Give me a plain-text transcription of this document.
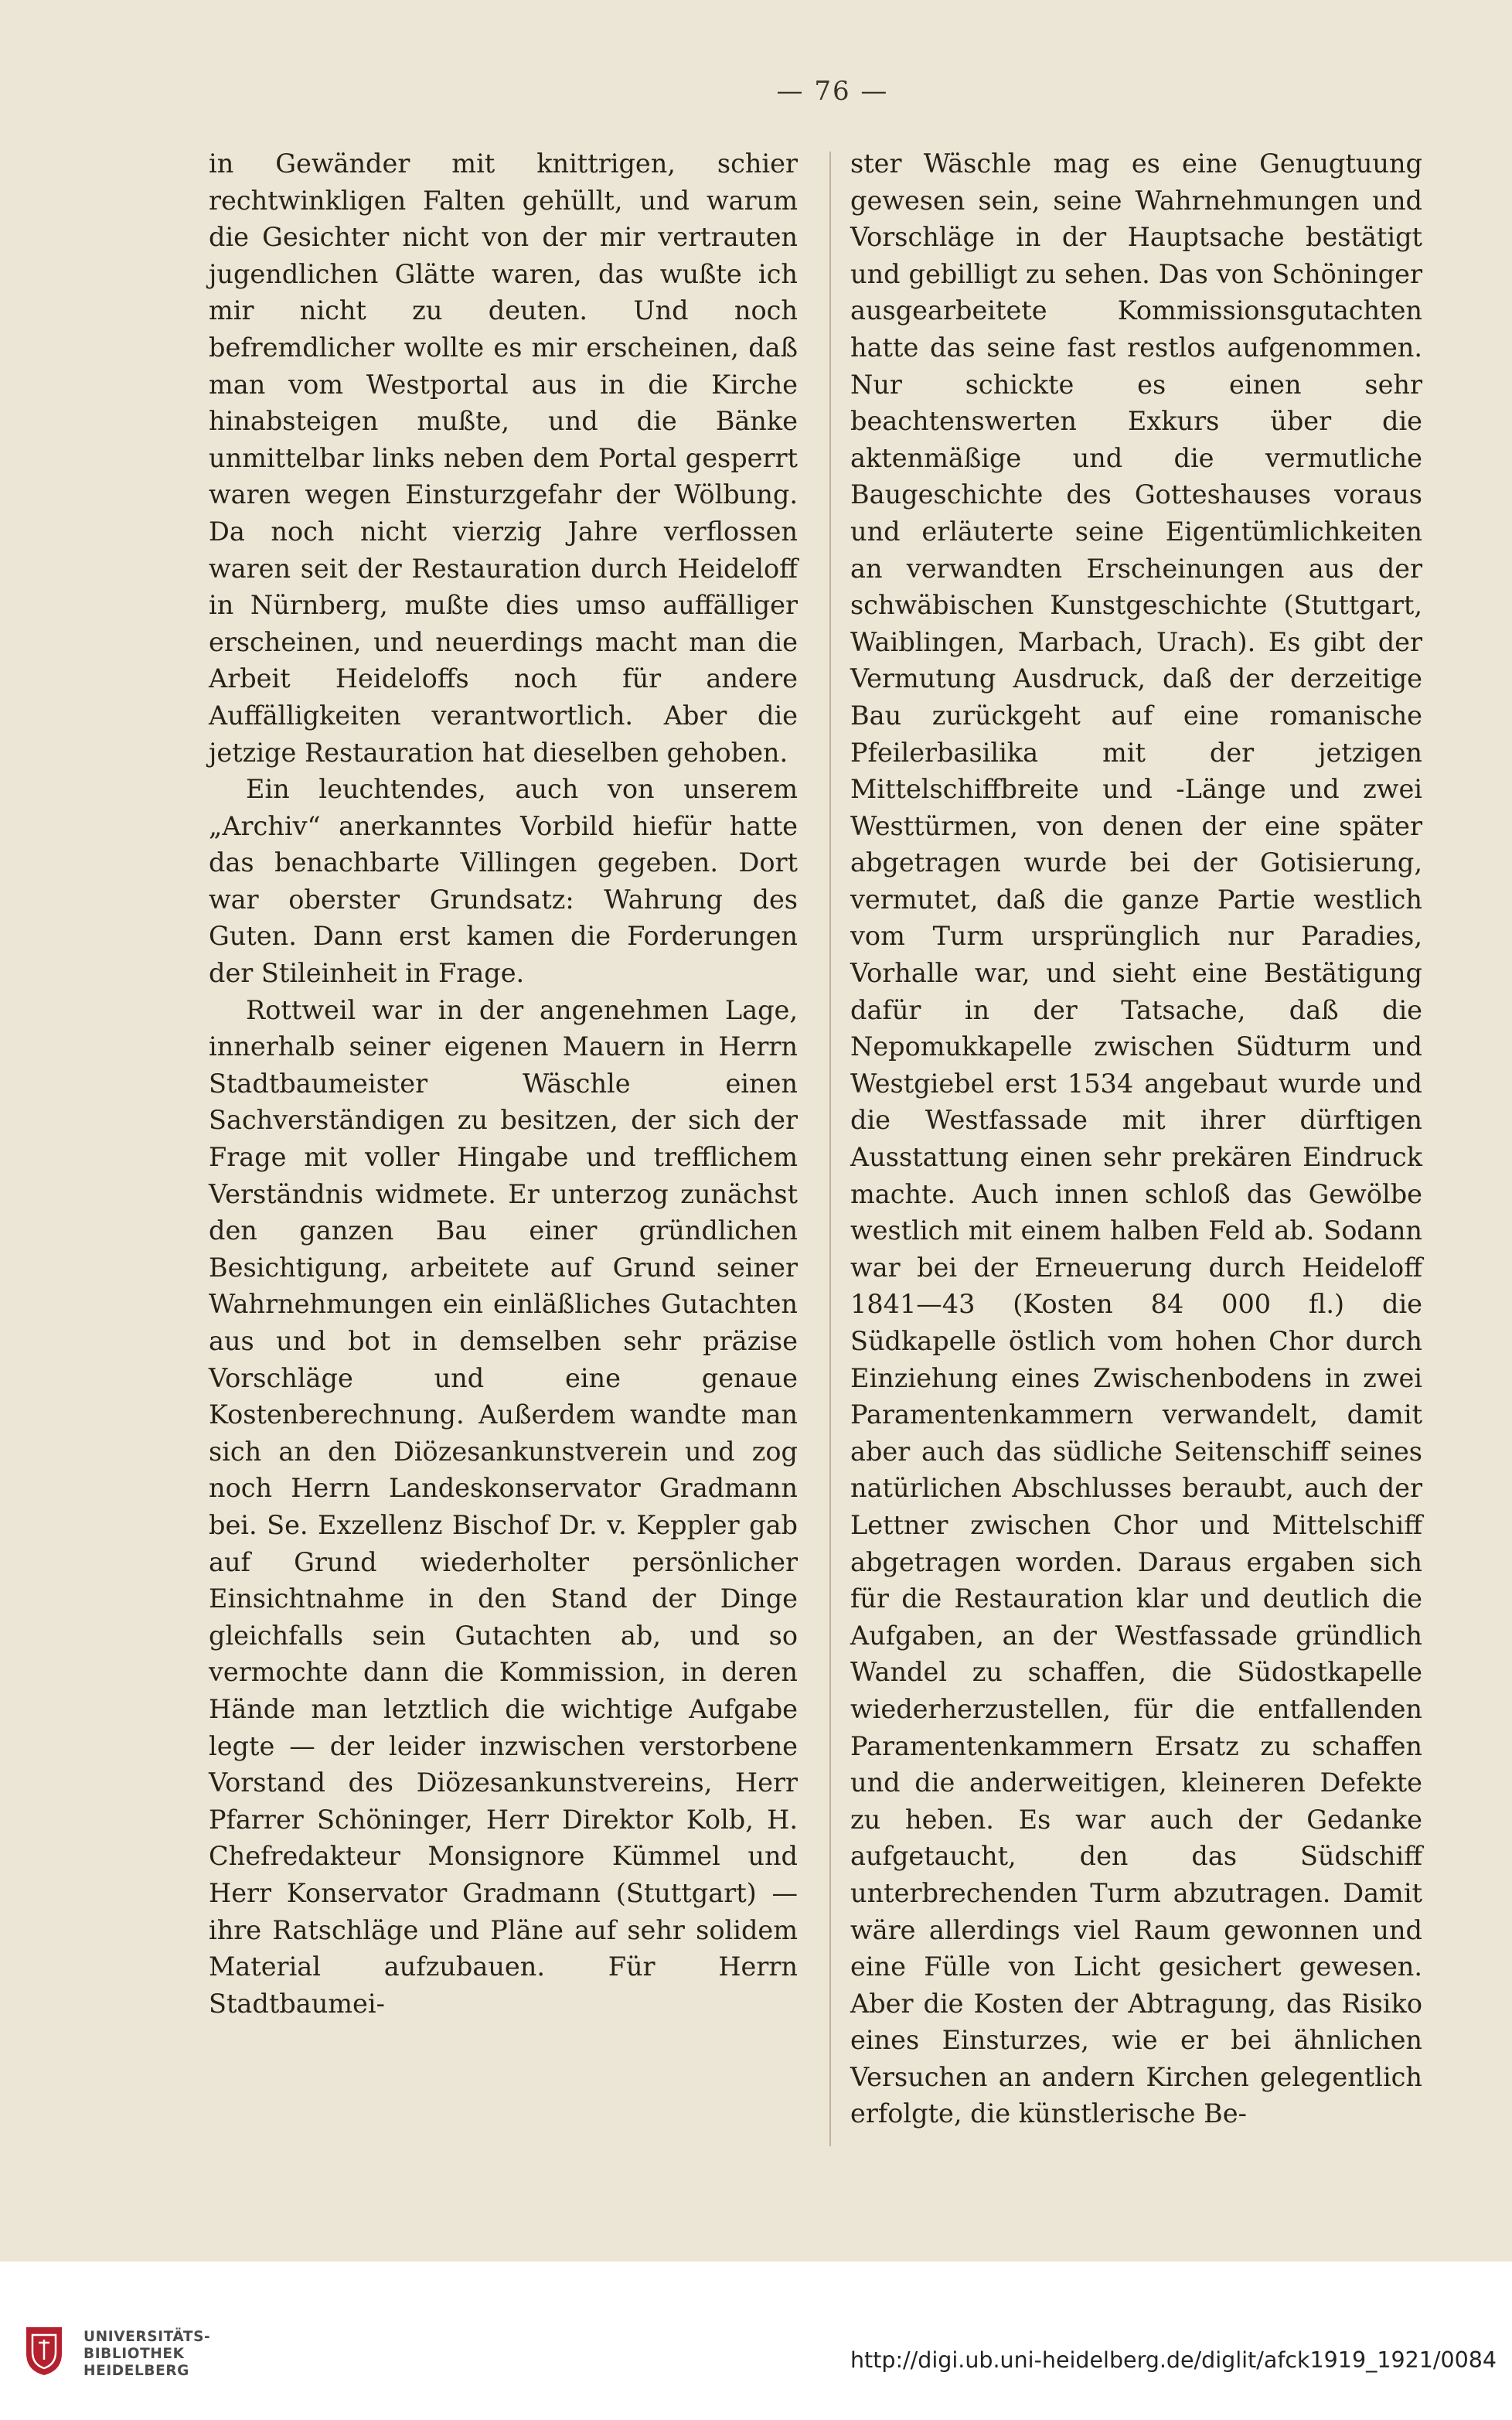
— 76 —

in Gewänder mit knittrigen, schier rechtwinkligen Falten gehüllt, und warum die Gesichter nicht von der mir vertrauten jugendlichen Glätte waren, das wußte ich mir nicht zu deuten. Und noch befremdlicher wollte es mir erscheinen, daß man vom Westportal aus in die Kirche hinabsteigen mußte, und die Bänke unmittelbar links neben dem Portal gesperrt waren wegen Einsturzgefahr der Wölbung. Da noch nicht vierzig Jahre verflossen waren seit der Restauration durch Heideloff in Nürnberg, mußte dies umso auffälliger erscheinen, und neuerdings macht man die Arbeit Heideloffs noch für andere Auffälligkeiten verantwortlich. Aber die jetzige Restauration hat dieselben gehoben.

Ein leuchtendes, auch von unserem „Archiv“ anerkanntes Vorbild hiefür hatte das benachbarte Villingen gegeben. Dort war oberster Grundsatz: Wahrung des Guten. Dann erst kamen die Forderungen der Stileinheit in Frage.

Rottweil war in der angenehmen Lage, innerhalb seiner eigenen Mauern in Herrn Stadtbaumeister Wäschle einen Sachverständigen zu besitzen, der sich der Frage mit voller Hingabe und trefflichem Verständnis widmete. Er unterzog zunächst den ganzen Bau einer gründlichen Besichtigung, arbeitete auf Grund seiner Wahrnehmungen ein einläßliches Gutachten aus und bot in demselben sehr präzise Vorschläge und eine genaue Kostenberechnung. Außerdem wandte man sich an den Diözesankunstverein und zog noch Herrn Landeskonservator Gradmann bei. Se. Exzellenz Bischof Dr. v. Keppler gab auf Grund wiederholter persönlicher Einsichtnahme in den Stand der Dinge gleichfalls sein Gutachten ab, und so vermochte dann die Kommission, in deren Hände man letztlich die wichtige Aufgabe legte — der leider inzwischen verstorbene Vorstand des Diözesankunstvereins, Herr Pfarrer Schöninger, Herr Direktor Kolb, H. Chefredakteur Monsignore Kümmel und Herr Konservator Gradmann (Stuttgart) — ihre Ratschläge und Pläne auf sehr solidem Material aufzubauen. Für Herrn Stadtbaumei-

ster Wäschle mag es eine Genugtuung gewesen sein, seine Wahrnehmungen und Vorschläge in der Hauptsache bestätigt und gebilligt zu sehen. Das von Schöninger ausgearbeitete Kommissionsgutachten hatte das seine fast restlos aufgenommen. Nur schickte es einen sehr beachtenswerten Exkurs über die aktenmäßige und die vermutliche Baugeschichte des Gotteshauses voraus und erläuterte seine Eigentümlichkeiten an verwandten Erscheinungen aus der schwäbischen Kunstgeschichte (Stuttgart, Waiblingen, Marbach, Urach). Es gibt der Vermutung Ausdruck, daß der derzeitige Bau zurückgeht auf eine romanische Pfeilerbasilika mit der jetzigen Mittelschiffbreite und -Länge und zwei Westtürmen, von denen der eine später abgetragen wurde bei der Gotisierung, vermutet, daß die ganze Partie westlich vom Turm ursprünglich nur Paradies, Vorhalle war, und sieht eine Bestätigung dafür in der Tatsache, daß die Nepomukkapelle zwischen Südturm und Westgiebel erst 1534 angebaut wurde und die Westfassade mit ihrer dürftigen Ausstattung einen sehr prekären Eindruck machte. Auch innen schloß das Gewölbe westlich mit einem halben Feld ab. Sodann war bei der Erneuerung durch Heideloff 1841—43 (Kosten 84 000 fl.) die Südkapelle östlich vom hohen Chor durch Einziehung eines Zwischenbodens in zwei Paramentenkammern verwandelt, damit aber auch das südliche Seitenschiff seines natürlichen Abschlusses beraubt, auch der Lettner zwischen Chor und Mittelschiff abgetragen worden. Daraus ergaben sich für die Restauration klar und deutlich die Aufgaben, an der Westfassade gründlich Wandel zu schaffen, die Südostkapelle wiederherzustellen, für die entfallenden Paramentenkammern Ersatz zu schaffen und die anderweitigen, kleineren Defekte zu heben. Es war auch der Gedanke aufgetaucht, den das Südschiff unterbrechenden Turm abzutragen. Damit wäre allerdings viel Raum gewonnen und eine Fülle von Licht gesichert gewesen. Aber die Kosten der Abtragung, das Risiko eines Einsturzes, wie er bei ähnlichen Versuchen an andern Kirchen gelegentlich erfolgte, die künstlerische Be-

UNIVERSITÄTS-
BIBLIOTHEK
HEIDELBERG	http://digi.ub.uni-heidelberg.de/diglit/afck1919_1921/0084
